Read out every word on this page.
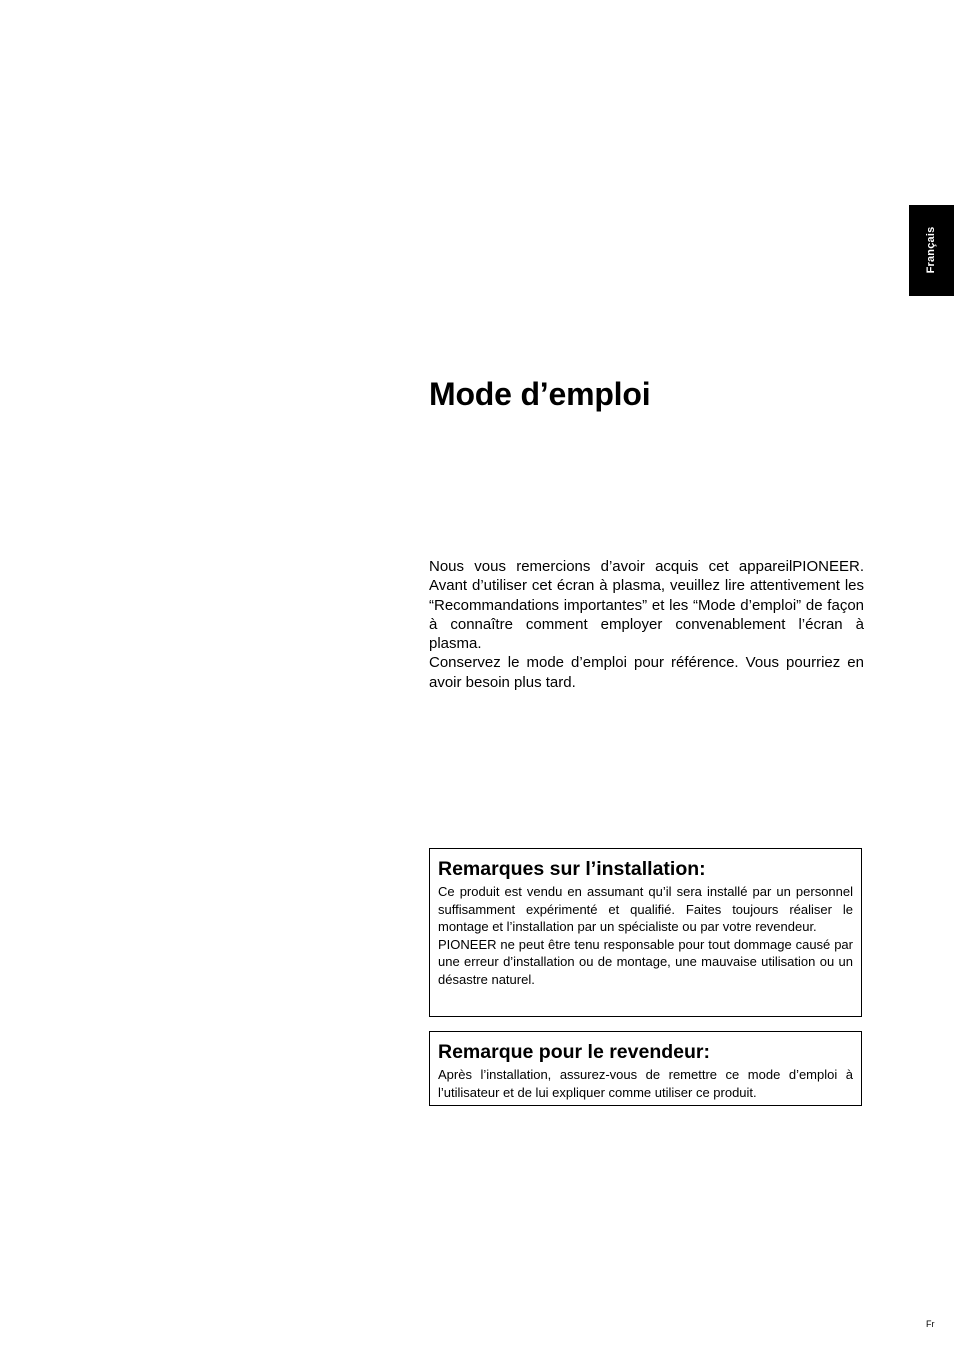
Français
Mode d’emploi

Nous vous remercions d’avoir acquis cet appareilPIONEER. Avant d’utiliser cet écran à plasma, veuillez lire attentivement les “Recommandations importantes” et les “Mode d’emploi” de façon à connaître comment employer convenablement l’écran à plasma.

Conservez le mode d’emploi pour référence. Vous pourriez en avoir besoin plus tard.

Remarques sur l’installation:

Ce produit est vendu en assumant qu’il sera installé par un personnel suffisamment expérimenté et qualifié. Faites toujours réaliser le montage et l’installation par un spécialiste ou par votre revendeur.

PIONEER ne peut être tenu responsable pour tout dommage causé par une erreur d’installation ou de montage, une mauvaise utilisation ou un désastre naturel.

Remarque pour le revendeur:

Après l’installation, assurez-vous de remettre ce mode d’emploi à l’utilisateur et de lui expliquer comme utiliser ce produit.

Fr
